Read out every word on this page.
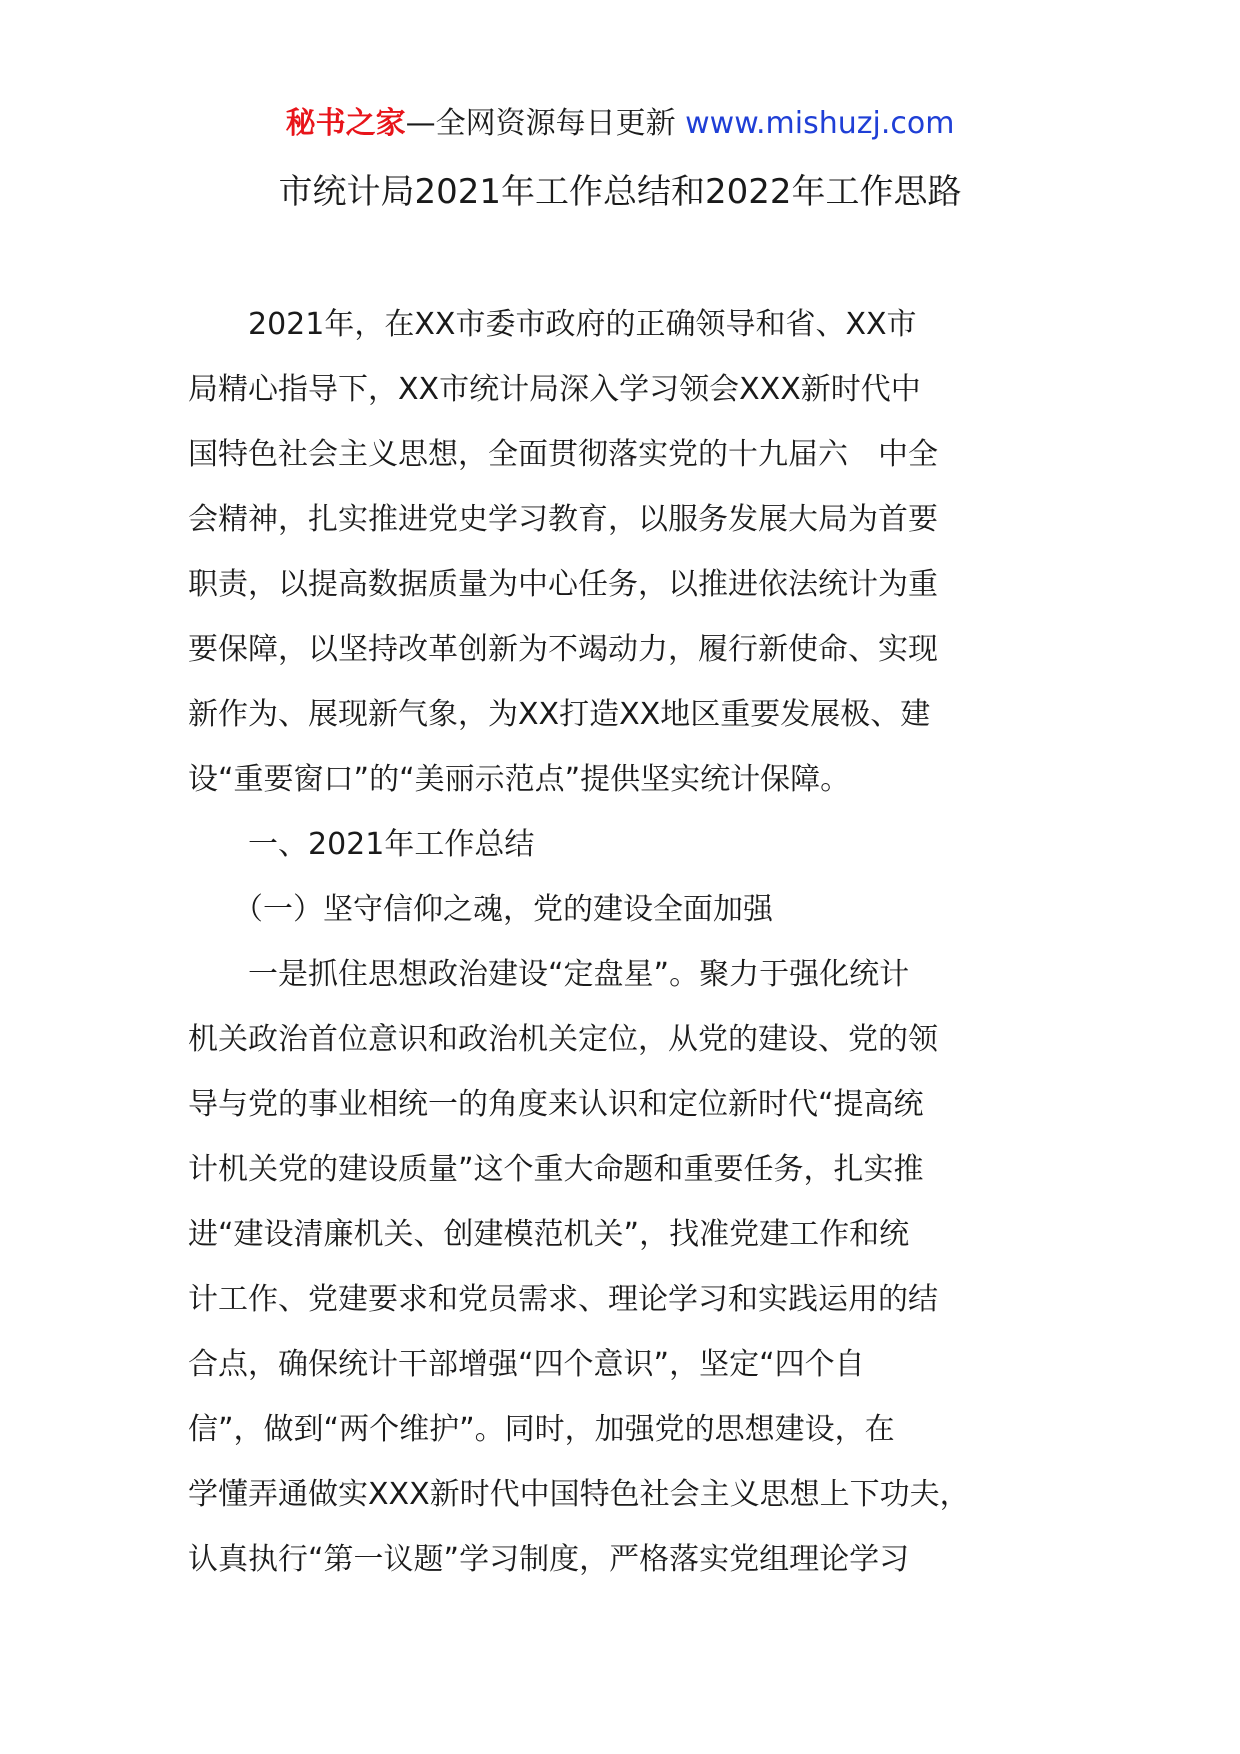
秘书之家—全网资源每日更新 www.mishuzj.com
市统计局2021年工作总结和2022年工作思路
　　2021年，在XX市委市政府的正确领导和省、XX市
局精心指导下，XX市统计局深入学习领会XXX新时代中
国特色社会主义思想，全面贯彻落实党的十九届六　中全
会精神，扎实推进党史学习教育，以服务发展大局为首要
职责，以提高数据质量为中心任务，以推进依法统计为重
要保障，以坚持改革创新为不竭动力，履行新使命、实现
新作为、展现新气象，为XX打造XX地区重要发展极、建
设“重要窗口”的“美丽示范点”提供坚实统计保障。
　　一、2021年工作总结
　　（一）坚守信仰之魂，党的建设全面加强
　　一是抓住思想政治建设“定盘星”。聚力于强化统计
机关政治首位意识和政治机关定位，从党的建设、党的领
导与党的事业相统一的角度来认识和定位新时代“提高统
计机关党的建设质量”这个重大命题和重要任务，扎实推
进“建设清廉机关、创建模范机关”，找准党建工作和统
计工作、党建要求和党员需求、理论学习和实践运用的结
合点，确保统计干部增强“四个意识”，坚定“四个自
信”，做到“两个维护”。同时，加强党的思想建设，在
学懂弄通做实XXX新时代中国特色社会主义思想上下功夫，
认真执行“第一议题”学习制度，严格落实党组理论学习
